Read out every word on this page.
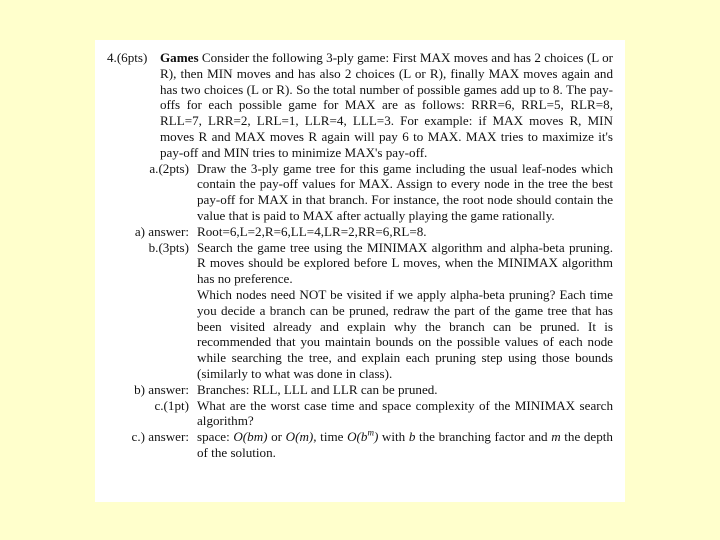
4.(6pts) Games Consider the following 3-ply game: First MAX moves and has 2 choices (L or R), then MIN moves and has also 2 choices (L or R), finally MAX moves again and has two choices (L or R). So the total number of possible games add up to 8. The pay-offs for each possible game for MAX are as follows: RRR=6, RRL=5, RLR=8, RLL=7, LRR=2, LRL=1, LLR=4, LLL=3. For example: if MAX moves R, MIN moves R and MAX moves R again will pay 6 to MAX. MAX tries to maximize it's pay-off and MIN tries to minimize MAX's pay-off.

a.(2pts) Draw the 3-ply game tree for this game including the usual leaf-nodes which contain the pay-off values for MAX. Assign to every node in the tree the best pay-off for MAX in that branch. For instance, the root node should contain the value that is paid to MAX after actually playing the game rationally.

a) answer: Root=6,L=2,R=6,LL=4,LR=2,RR=6,RL=8.

b.(3pts) Search the game tree using the MINIMAX algorithm and alpha-beta pruning. R moves should be explored before L moves, when the MINIMAX algorithm has no preference.

Which nodes need NOT be visited if we apply alpha-beta pruning? Each time you decide a branch can be pruned, redraw the part of the game tree that has been visited already and explain why the branch can be pruned. It is recommended that you maintain bounds on the possible values of each node while searching the tree, and explain each pruning step using those bounds (similarly to what was done in class).

b) answer: Branches: RLL, LLL and LLR can be pruned.

c.(1pt) What are the worst case time and space complexity of the MINIMAX search algorithm?

c.) answer: space: O(bm) or O(m), time $O(b^m)$ with b the branching factor and m the depth of the solution.
